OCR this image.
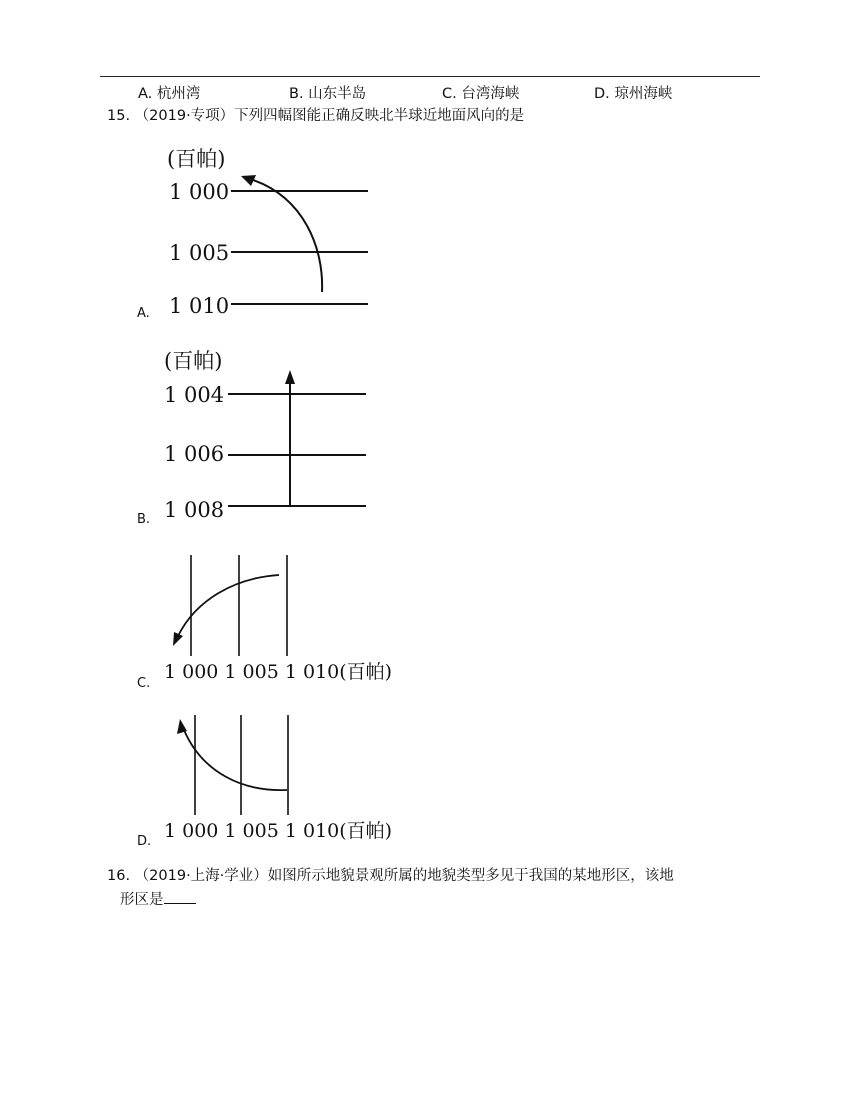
A. 杭州湾	B. 山东半岛	C. 台湾海峡	D. 琼州海峡
15. （2019·专项）下列四幅图能正确反映北半球近地面风向的是
(百帕)
1 000
1 005
1 010
A.
(百帕)
1 004
1 006
1 008
B.
1 000 1 005 1 010(百帕)
C.
1 000 1 005 1 010(百帕)
D.
16. （2019·上海·学业）如图所示地貌景观所属的地貌类型多见于我国的某地形区，该地
形区是
